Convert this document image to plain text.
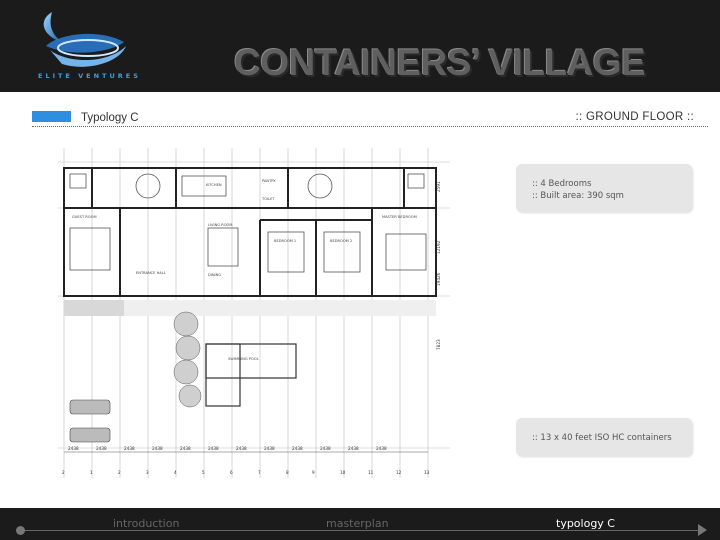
ELITE VENTURES	CONTAINERS’ VILLAGE
Typology C	:: GROUND FLOOR ::
KITCHEN
PANTRY
TOILET
GUEST ROOM	MASTER BEDROOM
BEDROOM 1	BEDROOM 2
LIVING ROOM
DINING
ENTRANCE HALL
SWIMMING POOL
2438	2438	2438	2438	2438	2438	2438	2438	2438	2438	2438	2438
2	1	2	3	4	5	6	7	8	9	10	11	12	13
2591
12192
7823
19426
:: 4 Bedrooms
:: Built area: 390 sqm
:: 13 x 40 feet ISO HC containers
introduction	masterplan	typology C
